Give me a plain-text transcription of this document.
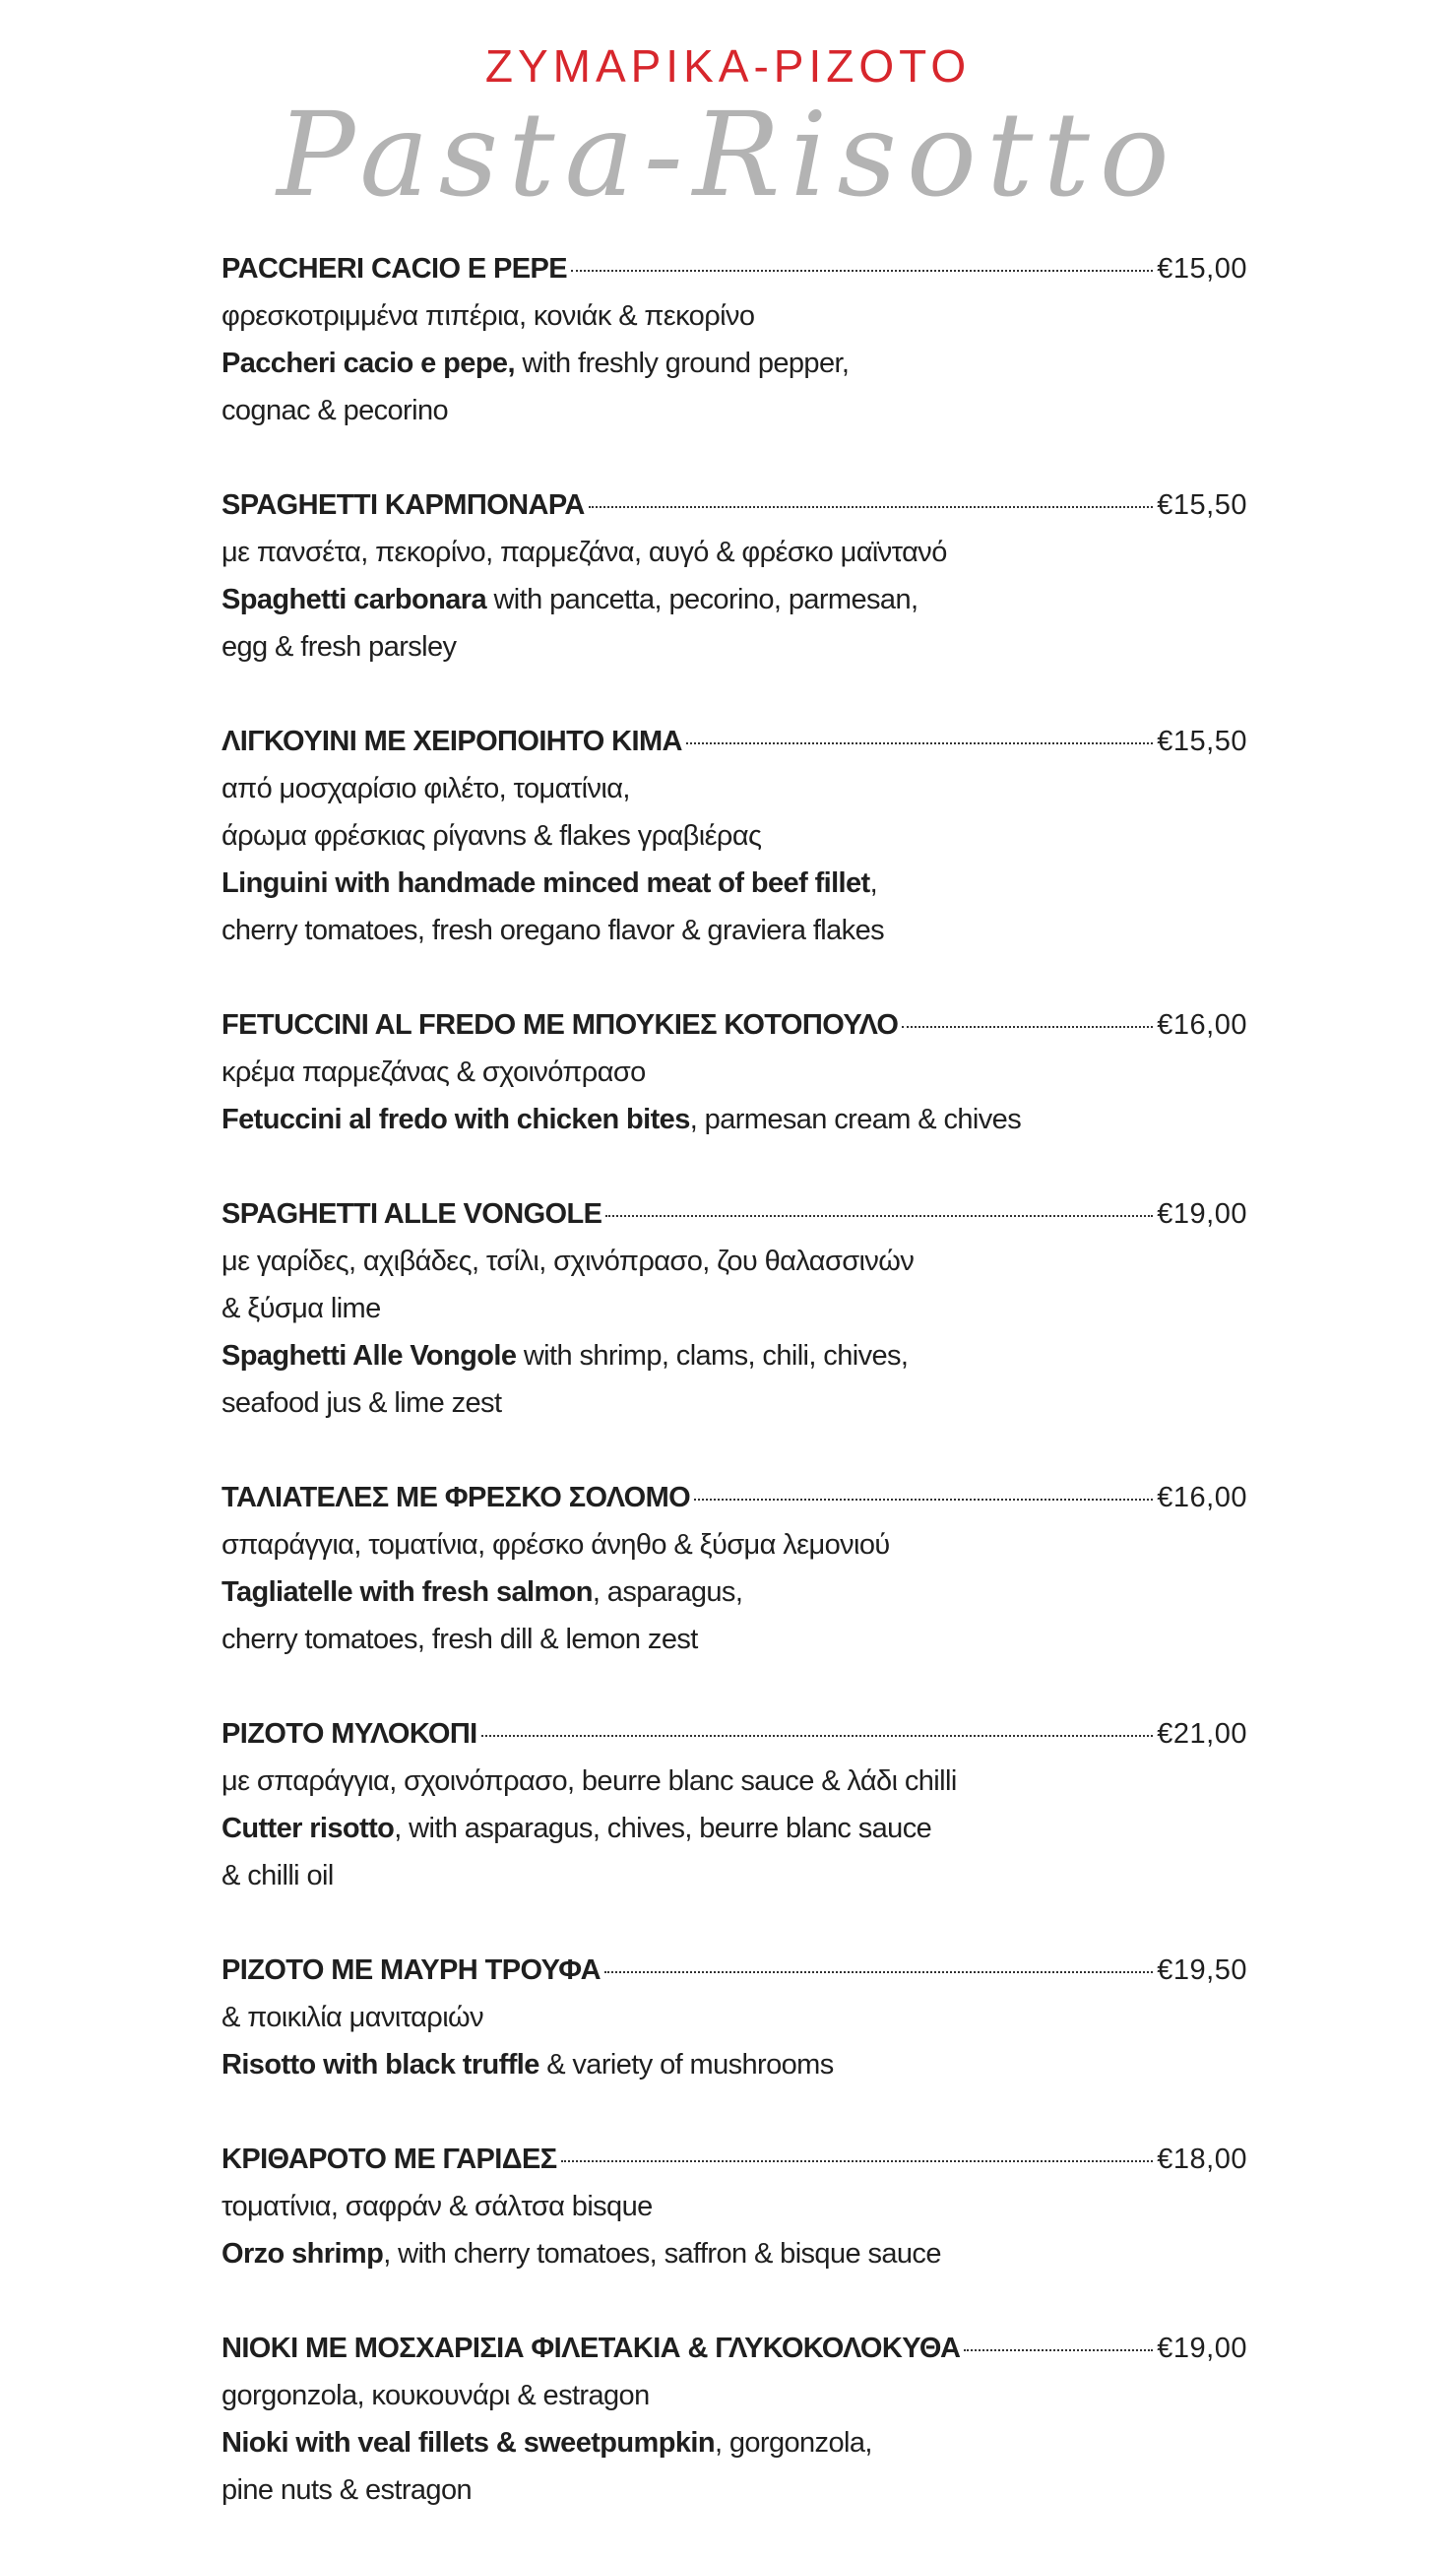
ΖΥΜΑΡΙΚΑ-ΡΙΖΟΤΟ
Pasta-Risotto
PACCHERI CACIO E PEPE	€15,00
φρεσκοτριμμένα πιπέρια, κονιάκ & πεκορίνο
Paccheri cacio e pepe, with freshly ground pepper,
cognac & pecorino
SPAGHETTI ΚΑΡΜΠΟΝΑΡΑ	€15,50
με πανσέτα, πεκορίνο, παρμεζάνα, αυγό & φρέσκο μαϊντανό
Spaghetti carbonara with pancetta, pecorino, parmesan,
egg & fresh parsley
ΛΙΓΚΟΥΙΝΙ ΜΕ ΧΕΙΡΟΠΟΙΗΤΟ ΚΙΜΑ	€15,50
από μοσχαρίσιο φιλέτο, τοματίνια,
άρωμα φρέσκιας ρίγανns & flakes γραβιέρας
Linguini with handmade minced meat of beef fillet,
cherry tomatoes, fresh oregano flavor & graviera flakes
FETUCCINI AL FREDO ΜΕ ΜΠΟΥΚΙΕΣ ΚΟΤΟΠΟΥΛΟ	€16,00
κρέμα παρμεζάνας & σχοινόπρασο
Fetuccini al fredo with chicken bites, parmesan cream & chives
SPAGHETTI ALLE VONGOLE	€19,00
με γαρίδες, αχιβάδες, τσίλι, σχινόπρασο, ζου θαλασσινών
& ξύσμα lime
Spaghetti Alle Vongole with shrimp, clams, chili, chives,
seafood jus & lime zest
ΤΑΛΙΑΤΕΛΕΣ ΜΕ ΦΡΕΣΚΟ ΣΟΛΟΜΟ	€16,00
σπαράγγια, τοματίνια, φρέσκο άνηθο & ξύσμα λεμονιού
Tagliatelle with fresh salmon, asparagus,
cherry tomatoes, fresh dill & lemon zest
ΡΙΖΟΤΟ ΜΥΛΟΚΟΠΙ	€21,00
με σπαράγγια, σχοινόπρασο, beurre blanc sauce & λάδι chilli
Cutter risotto, with asparagus, chives, beurre blanc sauce
& chilli oil
ΡΙΖΟΤΟ ΜΕ ΜΑΥΡΗ ΤΡΟΥΦΑ	€19,50
& ποικιλία μανιταριών
Risotto with black truffle & variety of mushrooms
ΚΡΙΘΑΡΟΤΟ ΜΕ ΓΑΡΙΔΕΣ	€18,00
τοματίνια, σαφράν & σάλτσα bisque
Orzo shrimp, with cherry tomatoes, saffron & bisque sauce
ΝΙΟΚΙ ΜΕ ΜΟΣΧΑΡΙΣΙΑ ΦΙΛΕΤΑΚΙΑ & ΓΛΥΚΟΚΟΛΟΚΥΘΑ	€19,00
gorgonzola, κουκουνάρι & estragon
Nioki with veal fillets & sweetpumpkin, gorgonzola,
pine nuts & estragon
